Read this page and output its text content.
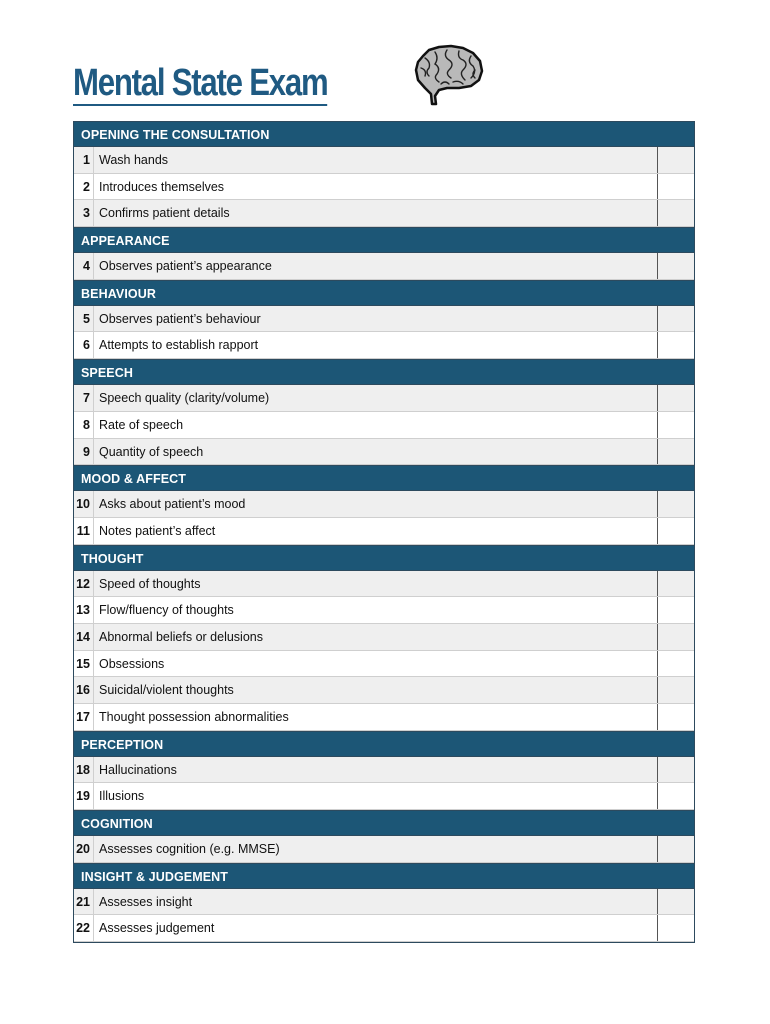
Mental State Exam
OPENING THE CONSULTATION
1 Wash hands
2 Introduces themselves
3 Confirms patient details
APPEARANCE
4 Observes patient’s appearance
BEHAVIOUR
5 Observes patient’s behaviour
6 Attempts to establish rapport
SPEECH
7 Speech quality (clarity/volume)
8 Rate of speech
9 Quantity of speech
MOOD & AFFECT
10 Asks about patient’s mood
11 Notes patient’s affect
THOUGHT
12 Speed of thoughts
13 Flow/fluency of thoughts
14 Abnormal beliefs or delusions
15 Obsessions
16 Suicidal/violent thoughts
17 Thought possession abnormalities
PERCEPTION
18 Hallucinations
19 Illusions
COGNITION
20 Assesses cognition (e.g. MMSE)
INSIGHT & JUDGEMENT
21 Assesses insight
22 Assesses judgement
